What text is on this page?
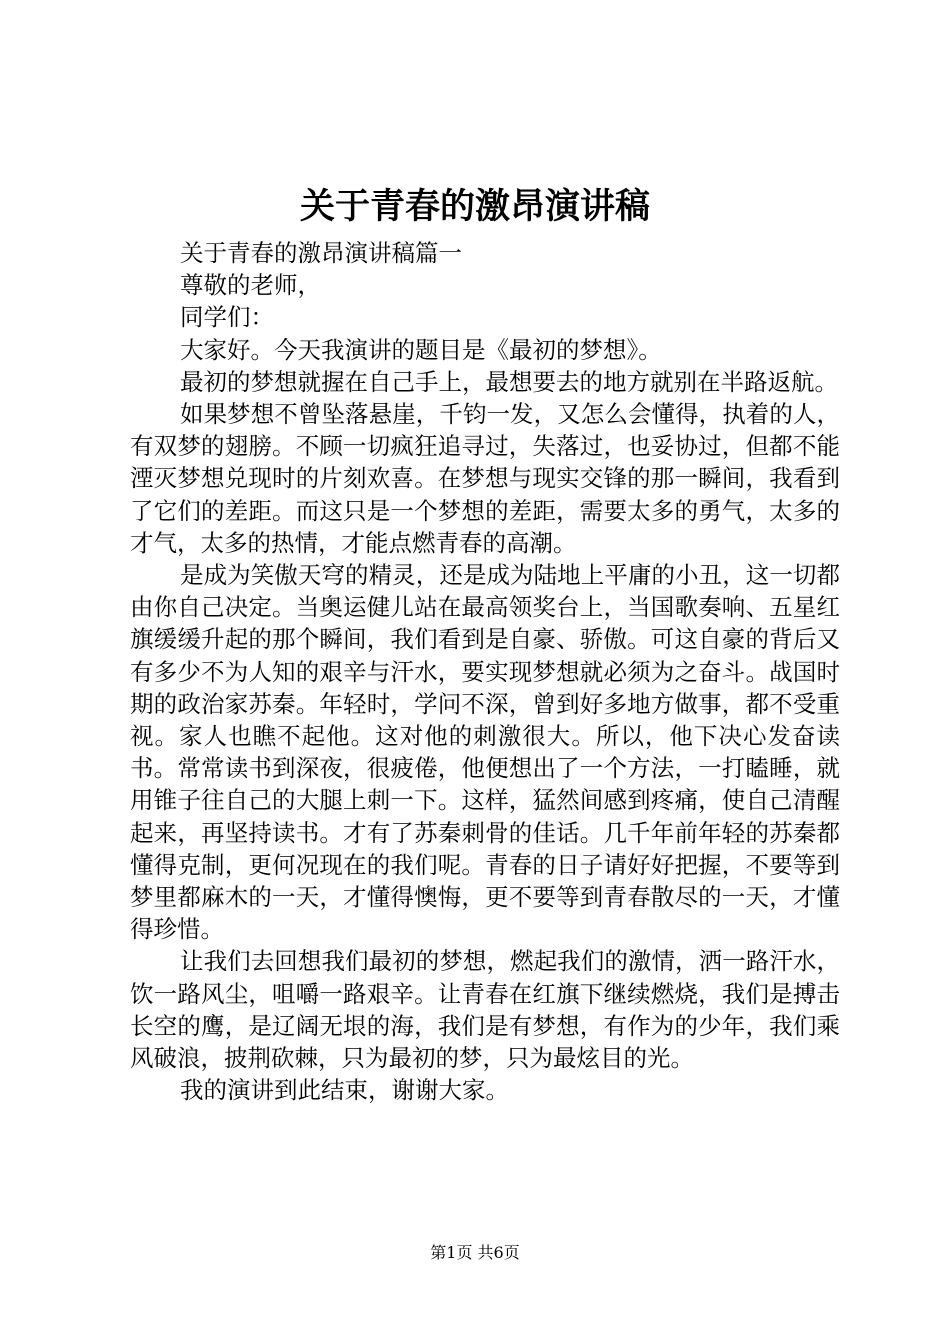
关于青春的激昂演讲稿

关于青春的激昂演讲稿篇一

尊敬的老师，

同学们：

大家好。今天我演讲的题目是《最初的梦想》。

最初的梦想就握在自己手上，最想要去的地方就别在半路返航。

如果梦想不曾坠落悬崖，千钧一发，又怎么会懂得，执着的人，有双梦的翅膀。不顾一切疯狂追寻过，失落过，也妥协过，但都不能湮灭梦想兑现时的片刻欢喜。在梦想与现实交锋的那一瞬间，我看到了它们的差距。而这只是一个梦想的差距，需要太多的勇气，太多的才气，太多的热情，才能点燃青春的高潮。

是成为笑傲天穹的精灵，还是成为陆地上平庸的小丑，这一切都由你自己决定。当奥运健儿站在最高领奖台上，当国歌奏响、五星红旗缓缓升起的那个瞬间，我们看到是自豪、骄傲。可这自豪的背后又有多少不为人知的艰辛与汗水，要实现梦想就必须为之奋斗。战国时期的政治家苏秦。年轻时，学问不深，曾到好多地方做事，都不受重视。家人也瞧不起他。这对他的刺激很大。所以，他下决心发奋读书。常常读书到深夜，很疲倦，他便想出了一个方法，一打瞌睡，就用锥子往自己的大腿上刺一下。这样，猛然间感到疼痛，使自己清醒起来，再坚持读书。才有了苏秦刺骨的佳话。几千年前年轻的苏秦都懂得克制，更何况现在的我们呢。青春的日子请好好把握，不要等到梦里都麻木的一天，才懂得懊悔，更不要等到青春散尽的一天，才懂得珍惜。

让我们去回想我们最初的梦想，燃起我们的激情，洒一路汗水，饮一路风尘，咀嚼一路艰辛。让青春在红旗下继续燃烧，我们是搏击长空的鹰，是辽阔无垠的海，我们是有梦想，有作为的少年，我们乘风破浪，披荆砍棘，只为最初的梦，只为最炫目的光。

我的演讲到此结束，谢谢大家。

第1页 共6页
